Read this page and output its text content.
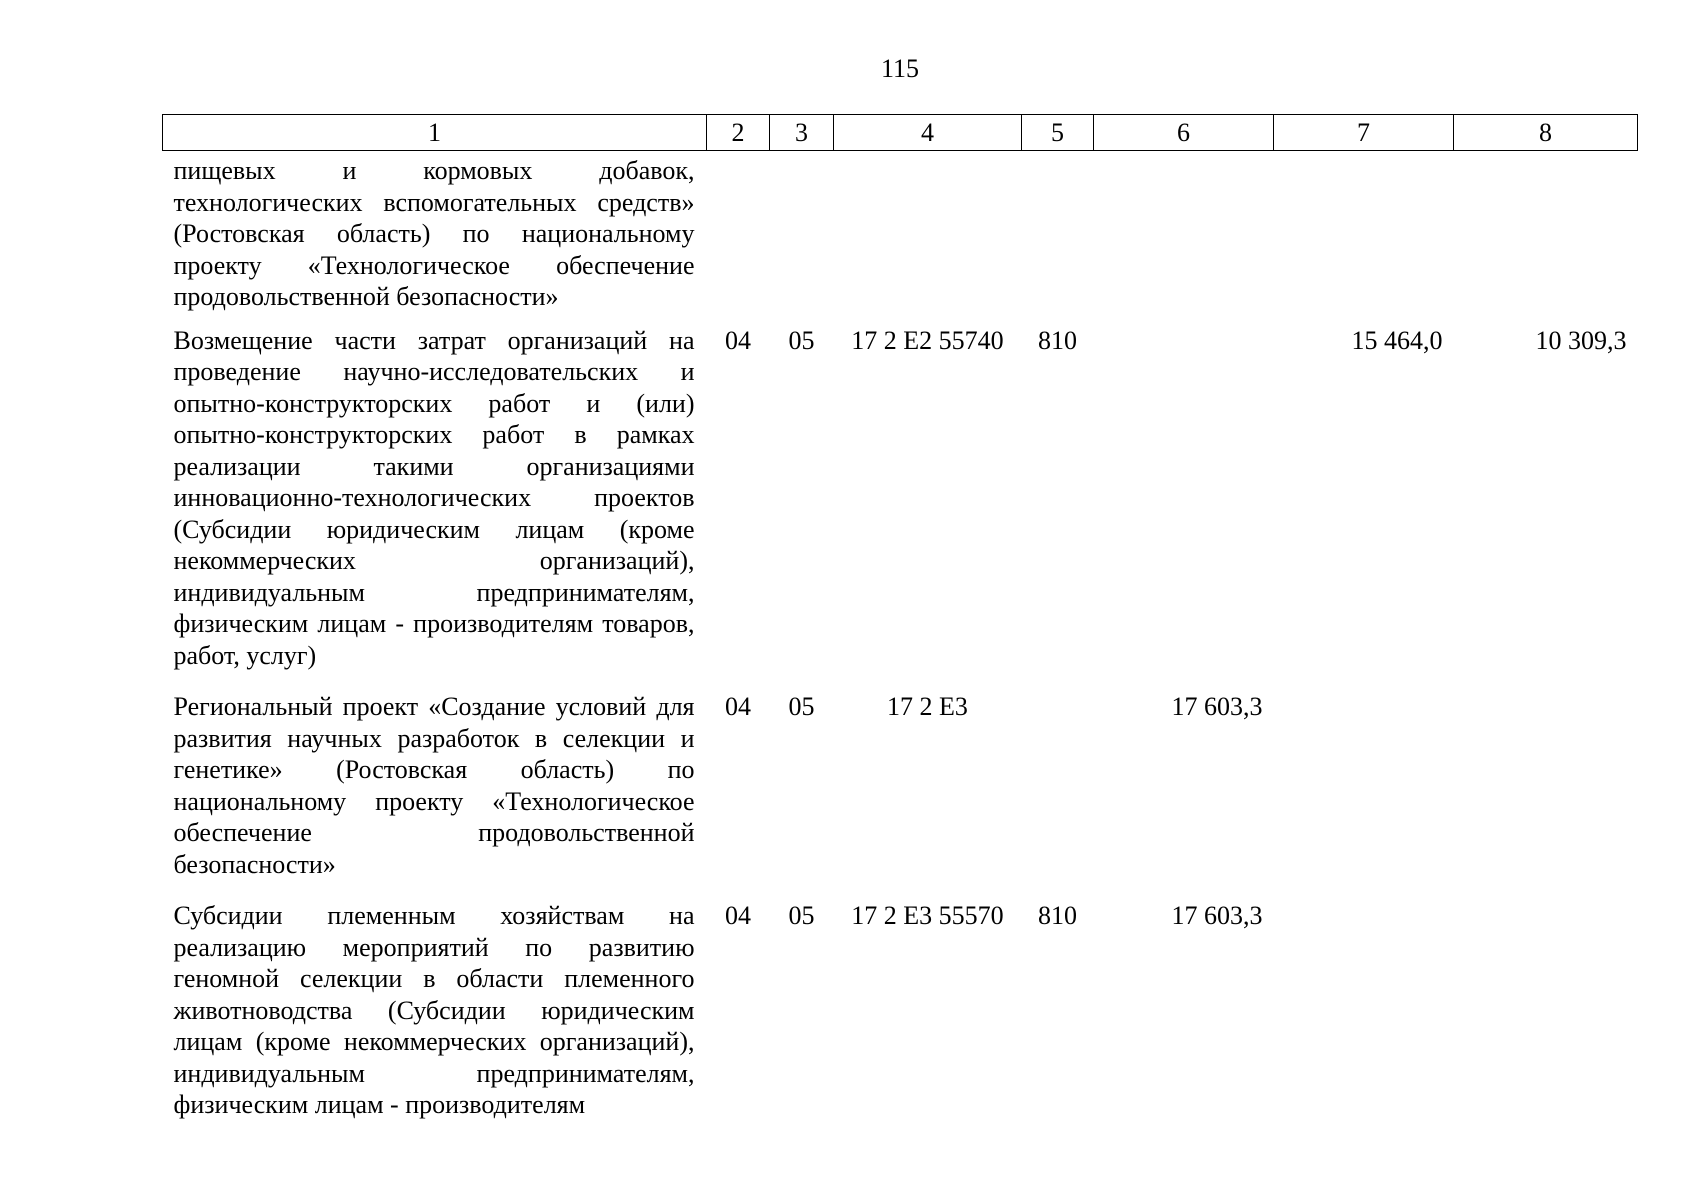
115
1	2	3	4	5	6	7	8
пищевых и кормовых добавок, технологических вспомогательных средств» (Ростовская область) по национальному проекту «Технологическое обеспечение продовольственной безопасности»							
Возмещение части затрат организаций на проведение научно-исследовательских и опытно-конструкторских работ и (или) опытно-конструкторских работ в рамках реализации такими организациями инновационно-технологических проектов (Субсидии юридическим лицам (кроме некоммерческих организаций), индивидуальным предпринимателям, физическим лицам - производителям товаров, работ, услуг)	04	05	17 2 Е2 55740	810		15 464,0	10 309,3
Региональный проект «Создание условий для развития научных разработок в селекции и генетике» (Ростовская область) по национальному проекту «Технологическое обеспечение продовольственной безопасности»	04	05	17 2 Е3		17 603,3		
Субсидии племенным хозяйствам на реализацию мероприятий по развитию геномной селекции в области племенного животноводства (Субсидии юридическим лицам (кроме некоммерческих организаций), индивидуальным предпринимателям, физическим лицам - производителям	04	05	17 2 Е3 55570	810	17 603,3		
